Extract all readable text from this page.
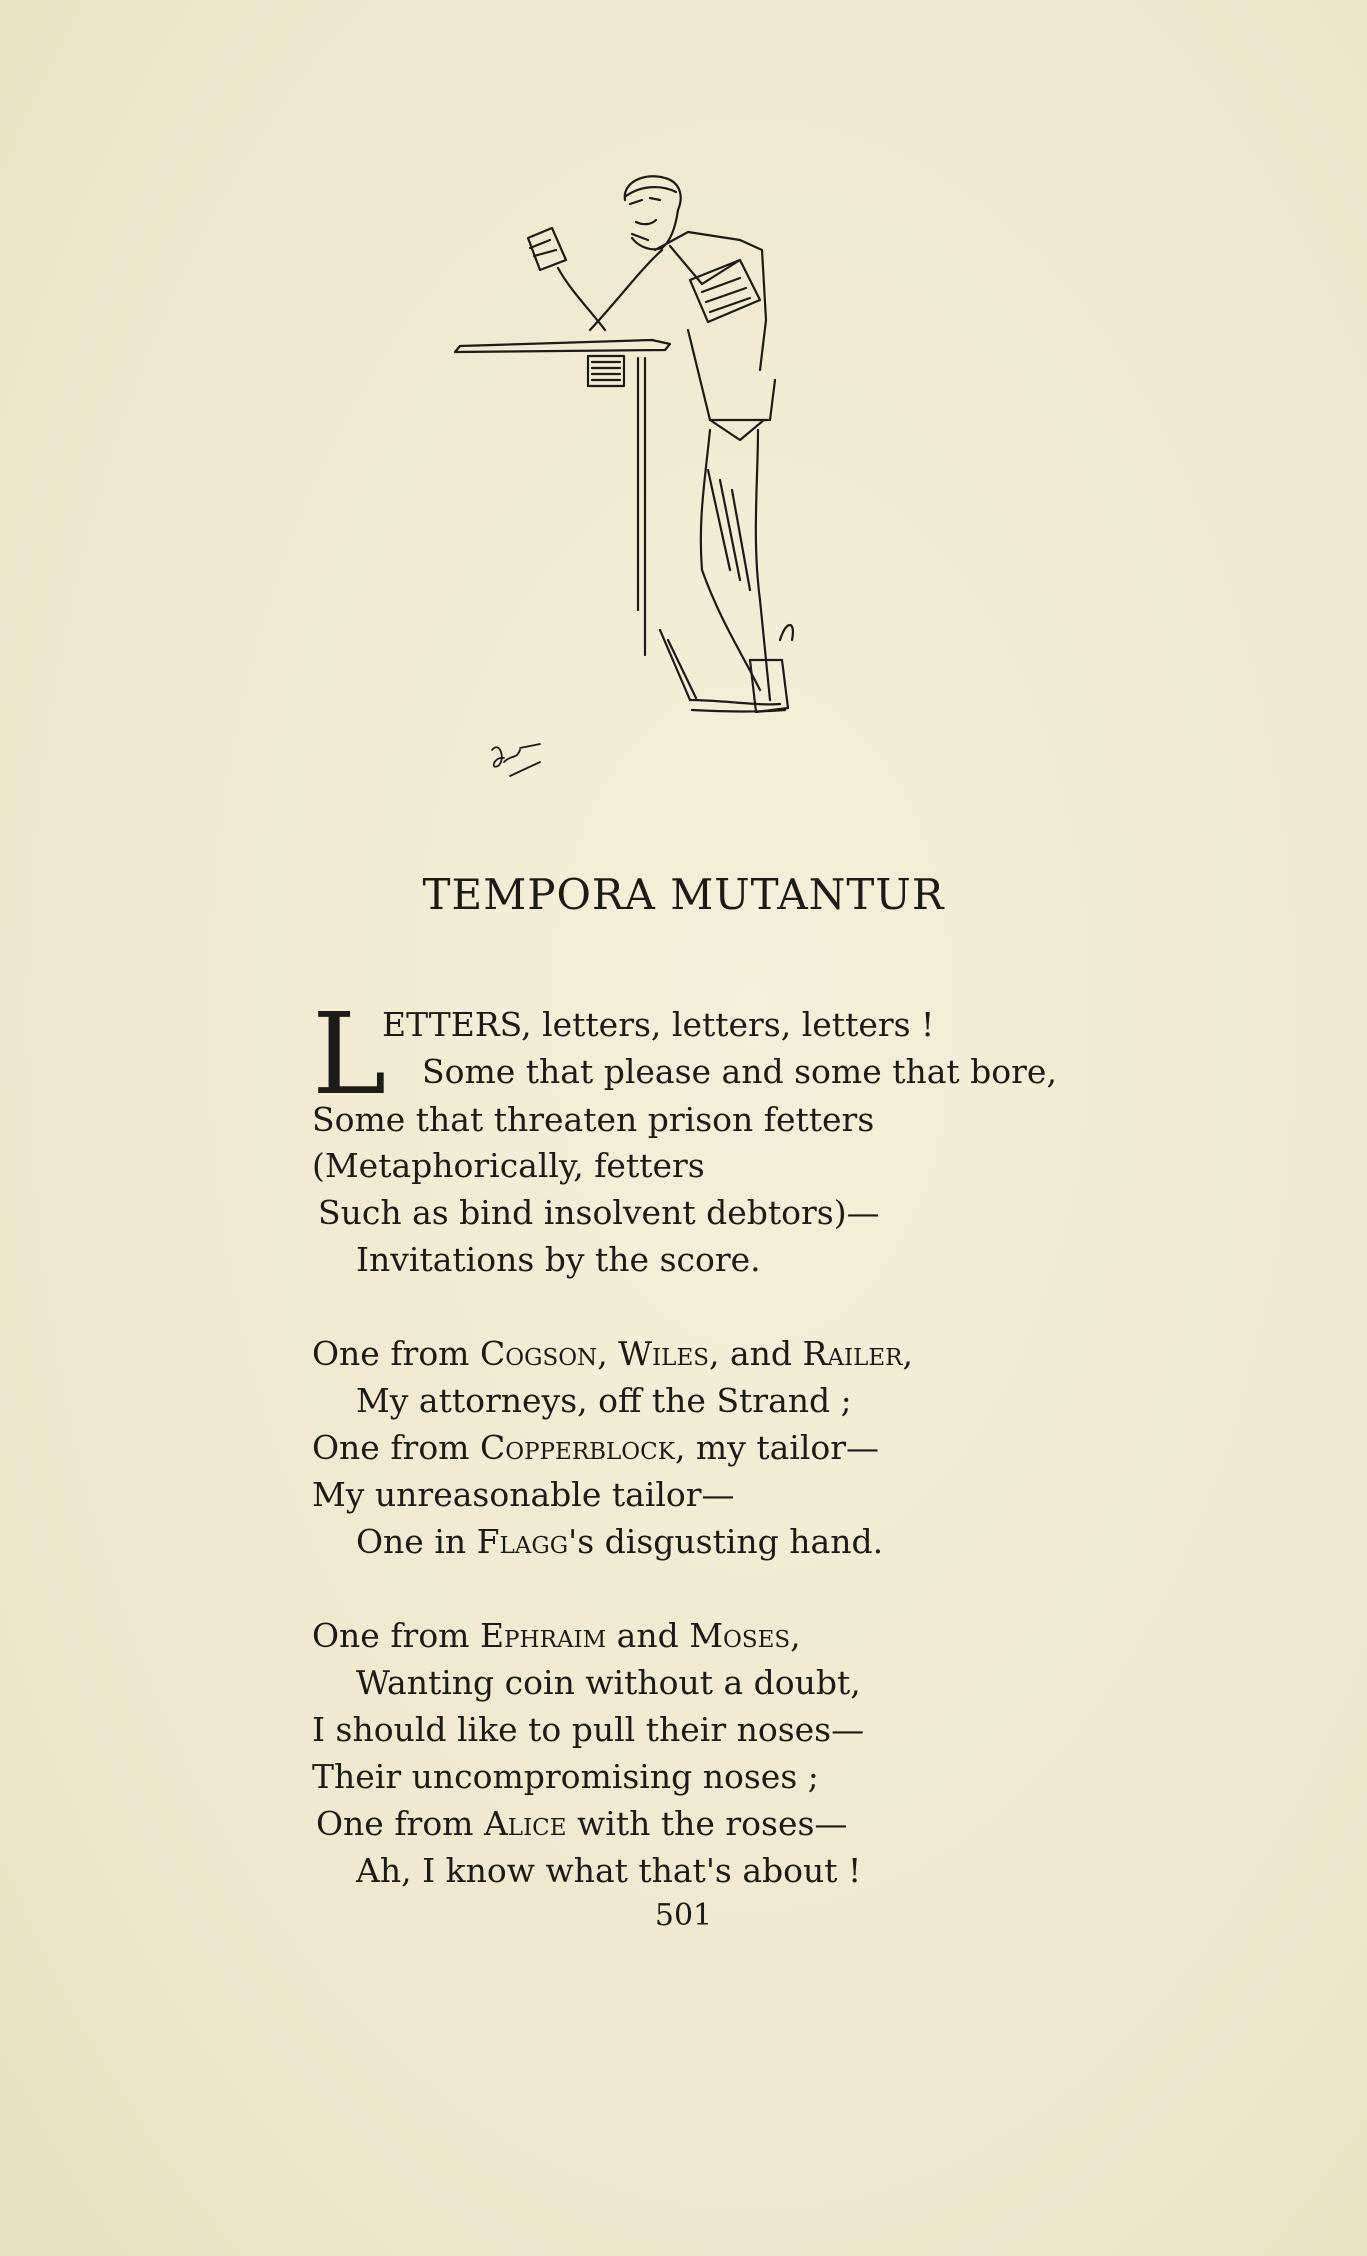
TEMPORA MUTANTUR
L
ETTERS, letters, letters, letters !
Some that please and some that bore,
Some that threaten prison fetters
(Metaphorically, fetters
Such as bind insolvent debtors)—
Invitations by the score.
One from Cogson, Wiles, and Railer,
My attorneys, off the Strand ;
One from Copperblock, my tailor—
My unreasonable tailor—
One in Flagg's disgusting hand.
One from Ephraim and Moses,
Wanting coin without a doubt,
I should like to pull their noses—
Their uncompromising noses ;
One from Alice with the roses—
Ah, I know what that's about !
501
